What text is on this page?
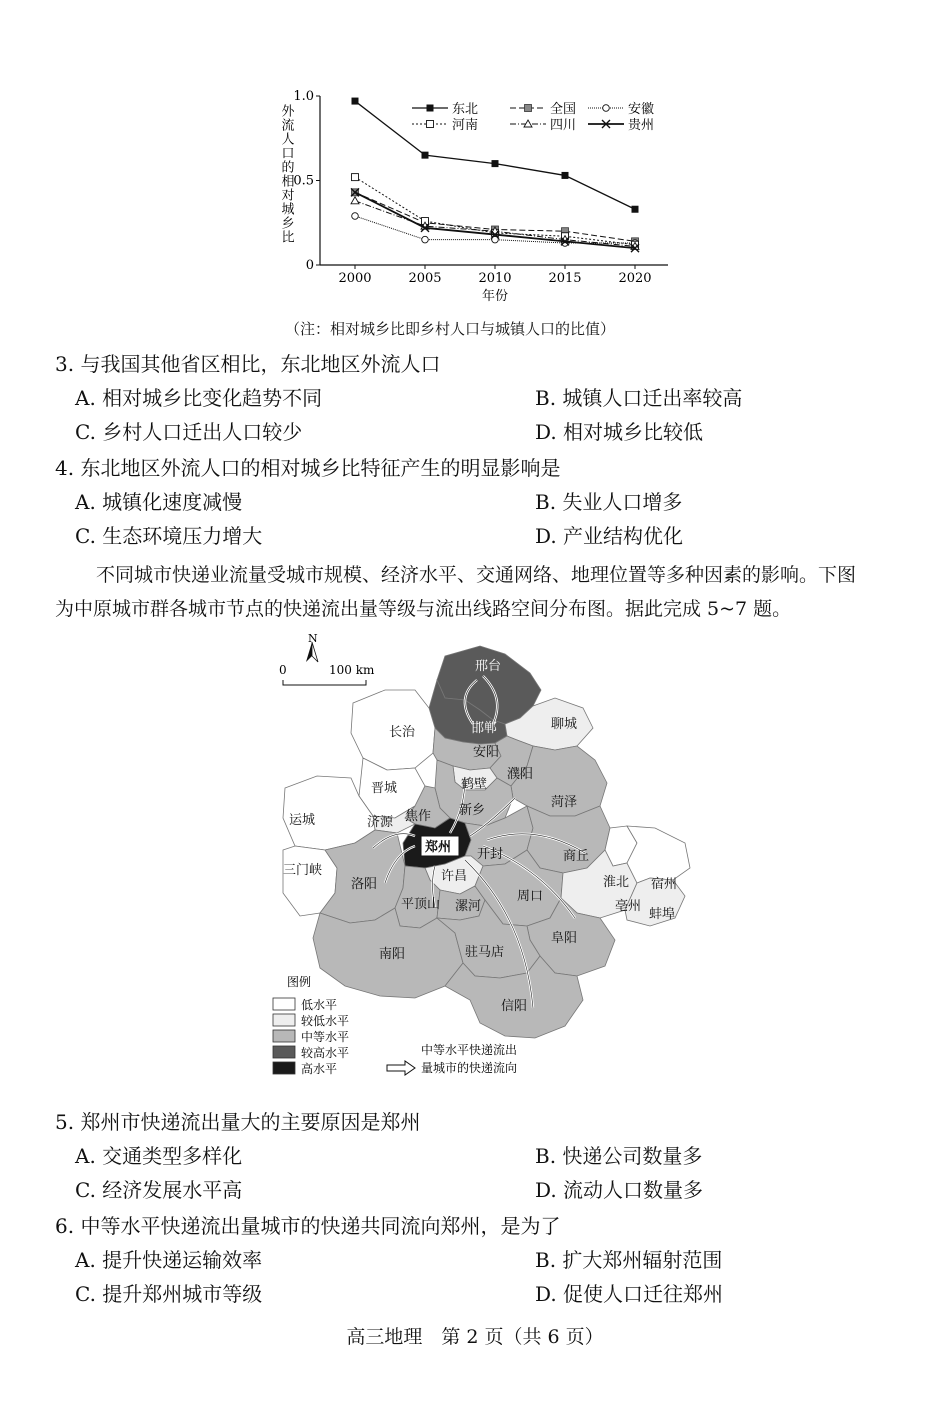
2000	2005	2010	2015	2020
0
0.5
1.0
外流人口的相对城乡比
年份
东北	全国	安徽
河南	四川	贵州
（注：相对城乡比即乡村人口与城镇人口的比值）
3. 与我国其他省区相比，东北地区外流人口
A. 相对城乡比变化趋势不同	B. 城镇人口迁出率较高
C. 乡村人口迁出人口较少	D. 相对城乡比较低
4. 东北地区外流人口的相对城乡比特征产生的明显影响是
A. 城镇化速度减慢	B. 失业人口增多
C. 生态环境压力增大	D. 产业结构优化
不同城市快递业流量受城市规模、经济水平、交通网络、地理位置等多种因素的影响。下图
为中原城市群各城市节点的快递流出量等级与流出线路空间分布图。据此完成 5~7 题。
N
0	100 km	邢台
邯郸
长治
聊城
安阳
鹤壁
濮阳
晋城
菏泽
新乡
焦作
济源
运城
郑州 开封	商丘
三门峡
洛阳
许昌	淮北 宿州
平顶山 漯河
周口
亳州
蚌埠
阜阳
南阳	驻马店
信阳
图例
低水平
较低水平
中等水平
较高水平
高水平
中等水平快递流出
量城市的快递流向
5. 郑州市快递流出量大的主要原因是郑州
A. 交通类型多样化	B. 快递公司数量多
C. 经济发展水平高	D. 流动人口数量多
6. 中等水平快递流出量城市的快递共同流向郑州，是为了
A. 提升快递运输效率	B. 扩大郑州辐射范围
C. 提升郑州城市等级	D. 促使人口迁往郑州
高三地理　第 2 页（共 6 页）
